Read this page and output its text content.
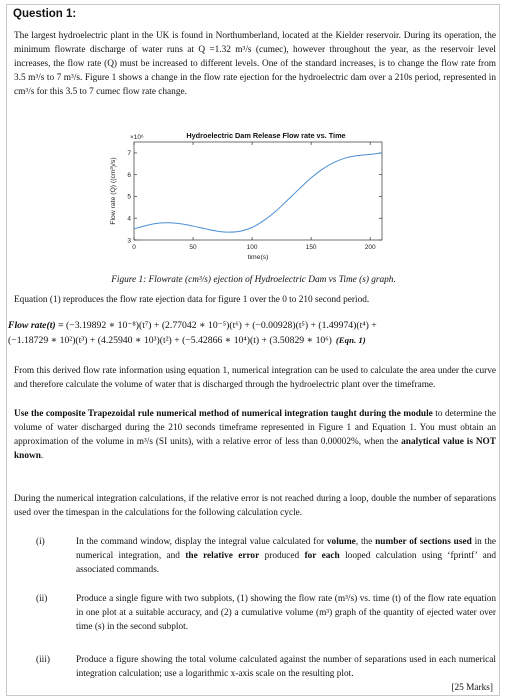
Question 1:

The largest hydroelectric plant in the UK is found in Northumberland, located at the Kielder reservoir. During its operation, the minimum flowrate discharge of water runs at Q =1.32 m³/s (cumec), however throughout the year, as the reservoir level increases, the flow rate (Q) must be increased to different levels. One of the standard increases, is to change the flow rate from 3.5 m³/s to 7 m³/s. Figure 1 shows a change in the flow rate ejection for the hydroelectric dam over a 210s period, represented in cm³/s for this 3.5 to 7 cumec flow rate change.

0	50	100	150	200
3
4
5
6
7
×10⁶	Hydroelectric Dam Release Flow rate vs. Time
time(s)
Flow rate (Q) ((cm³)/s)
Figure 1: Flowrate (cm³/s) ejection of Hydroelectric Dam vs Time (s) graph.

Equation (1) reproduces the flow rate ejection data for figure 1 over the 0 to 210 second period.

Flow rate(t) = (−3.19892 ∗ 10⁻⁸)(t⁷) + (2.77042 ∗ 10⁻⁵)(t⁶) + (−0.00928)(t⁵) + (1.49974)(t⁴) +
(−1.18729 ∗ 10²)(t³) + (4.25940 ∗ 10³)(t²) + (−5.42866 ∗ 10⁴)(t) + (3.50829 ∗ 10⁶) (Eqn. 1)

From this derived flow rate information using equation 1, numerical integration can be used to calculate the area under the curve and therefore calculate the volume of water that is discharged through the hydroelectric plant over the timeframe.

Use the composite Trapezoidal rule numerical method of numerical integration taught during the module to determine the volume of water discharged during the 210 seconds timeframe represented in Figure 1 and Equation 1. You must obtain an approximation of the volume in m³/s (SI units), with a relative error of less than 0.00002%, when the analytical value is NOT known.

During the numerical integration calculations, if the relative error is not reached during a loop, double the number of separations used over the timespan in the calculations for the following calculation cycle.

(i)	In the command window, display the integral value calculated for volume, the number of sections used in the numerical integration, and the relative error produced for each looped calculation using ‘fprintf’ and associated commands.
(ii)	Produce a single figure with two subplots, (1) showing the flow rate (m³/s) vs. time (t) of the flow rate equation in one plot at a suitable accuracy, and (2) a cumulative volume (m³) graph of the quantity of ejected water over time (s) in the second subplot.
(iii)	Produce a figure showing the total volume calculated against the number of separations used in each numerical integration calculation; use a logarithmic x-axis scale on the resulting plot.
[25 Marks]
